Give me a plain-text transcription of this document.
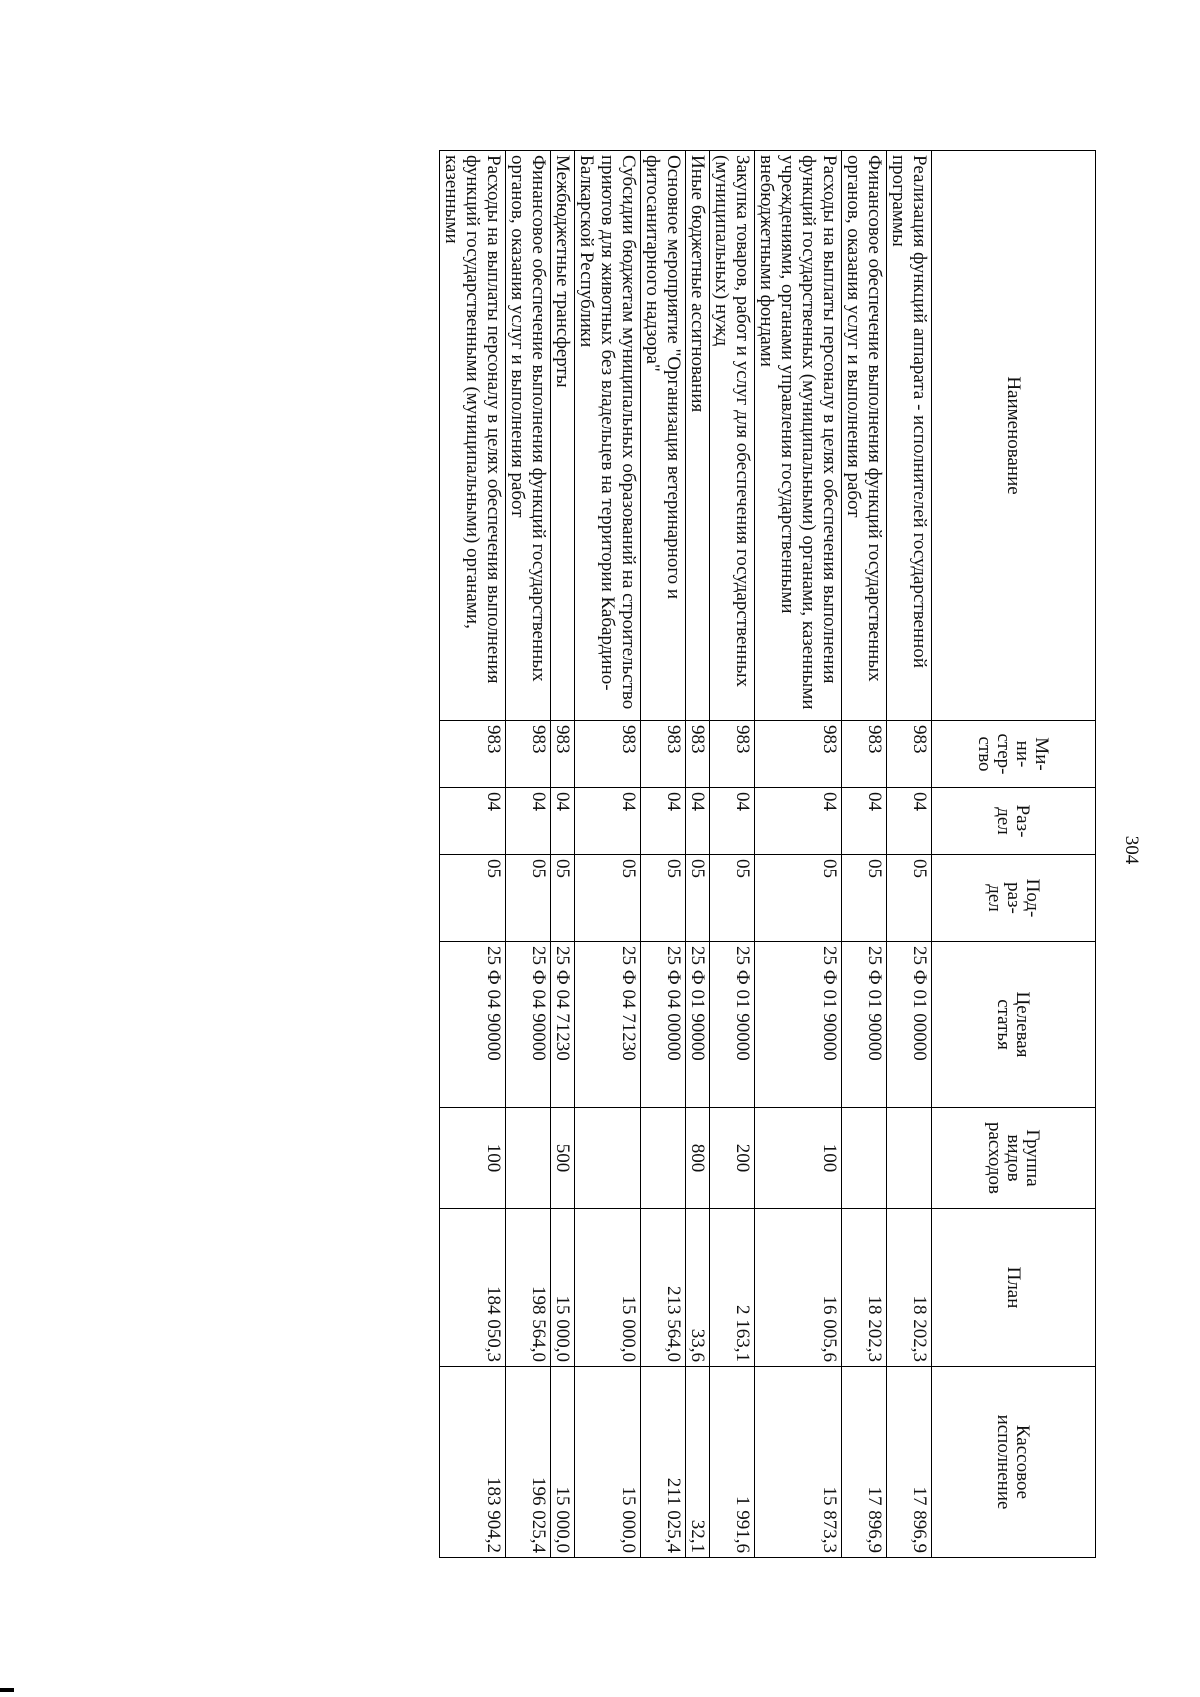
304
Наименование	Ми-
ни-
стер-
ство	Раз-
дел	Под-
раз-
дел	Целевая
статья	Группа
видов
расходов	План	Кассовое
исполнение
Реализация функций аппарата - исполнителей государственной программы	983	04	05	25 Ф 01 00000		18 202,3	17 896,9
Финансовое обеспечение выполнения функций государственных органов, оказания услуг и выполнения работ	983	04	05	25 Ф 01 90000		18 202,3	17 896,9
Расходы на выплаты персоналу в целях обеспечения выполнения функций государственных (муниципальными) органами, казенными учреждениями, органами управления государственными внебюджетными фондами	983	04	05	25 Ф 01 90000	100	16 005,6	15 873,3
Закупка товаров, работ и услуг для обеспечения государственных (муниципальных) нужд	983	04	05	25 Ф 01 90000	200	2 163,1	1 991,6
Иные бюджетные ассигнования	983	04	05	25 Ф 01 90000	800	33,6	32,1
Основное мероприятие "Организация ветеринарного и фитосанитарного надзора"	983	04	05	25 Ф 04 00000		213 564,0	211 025,4
Субсидии бюджетам муниципальных образований на строительство приютов для животных без владельцев на территории Кабардино-Балкарской Республики	983	04	05	25 Ф 04 71230		15 000,0	15 000,0
Межбюджетные трансферты	983	04	05	25 Ф 04 71230	500	15 000,0	15 000,0
Финансовое обеспечение выполнения функций государственных органов, оказания услуг и выполнения работ	983	04	05	25 Ф 04 90000		198 564,0	196 025,4
Расходы на выплаты персоналу в целях обеспечения выполнения функций государственными (муниципальными) органами, казенными	983	04	05	25 Ф 04 90000	100	184 050,3	183 904,2
